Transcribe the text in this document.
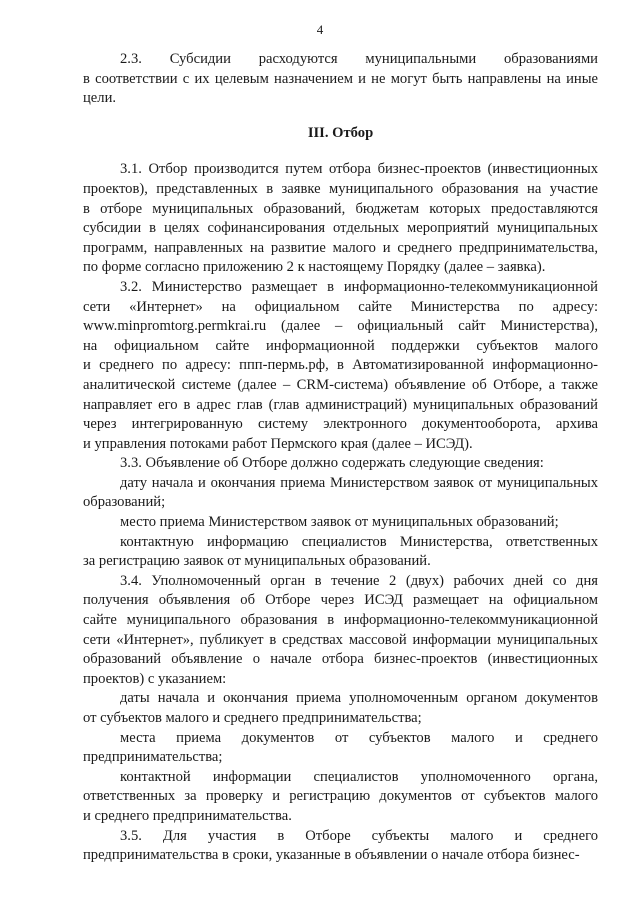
4
2.3. Субсидии расходуются муниципальными образованиями
в соответствии с их целевым назначением и не могут быть направлены на иные
цели.
III. Отбор
3.1. Отбор производится путем отбора бизнес-проектов (инвестиционных
проектов), представленных в заявке муниципального образования на участие
в отборе муниципальных образований, бюджетам которых предоставляются
субсидии в целях софинансирования отдельных мероприятий муниципальных
программ, направленных на развитие малого и среднего предпринимательства,
по форме согласно приложению 2 к настоящему Порядку (далее – заявка).
3.2. Министерство размещает в информационно-телекоммуникационной
сети «Интернет» на официальном сайте Министерства по адресу:
www.minpromtorg.permkrai.ru (далее – официальный сайт Министерства),
на официальном сайте информационной поддержки субъектов малого
и среднего по адресу: ппп-пермь.рф, в Автоматизированной информационно-
аналитической системе (далее – CRM-система) объявление об Отборе, а также
направляет его в адрес глав (глав администраций) муниципальных образований
через интегрированную систему электронного документооборота, архива
и управления потоками работ Пермского края (далее – ИСЭД).
3.3. Объявление об Отборе должно содержать следующие сведения:
дату начала и окончания приема Министерством заявок от муниципальных
образований;
место приема Министерством заявок от муниципальных образований;
контактную информацию специалистов Министерства, ответственных
за регистрацию заявок от муниципальных образований.
3.4. Уполномоченный орган в течение 2 (двух) рабочих дней со дня
получения объявления об Отборе через ИСЭД размещает на официальном
сайте муниципального образования в информационно-телекоммуникационной
сети «Интернет», публикует в средствах массовой информации муниципальных
образований объявление о начале отбора бизнес-проектов (инвестиционных
проектов) с указанием:
даты начала и окончания приема уполномоченным органом документов
от субъектов малого и среднего предпринимательства;
места приема документов от субъектов малого и среднего
предпринимательства;
контактной информации специалистов уполномоченного органа,
ответственных за проверку и регистрацию документов от субъектов малого
и среднего предпринимательства.
3.5. Для участия в Отборе субъекты малого и среднего
предпринимательства в сроки, указанные в объявлении о начале отбора бизнес-
